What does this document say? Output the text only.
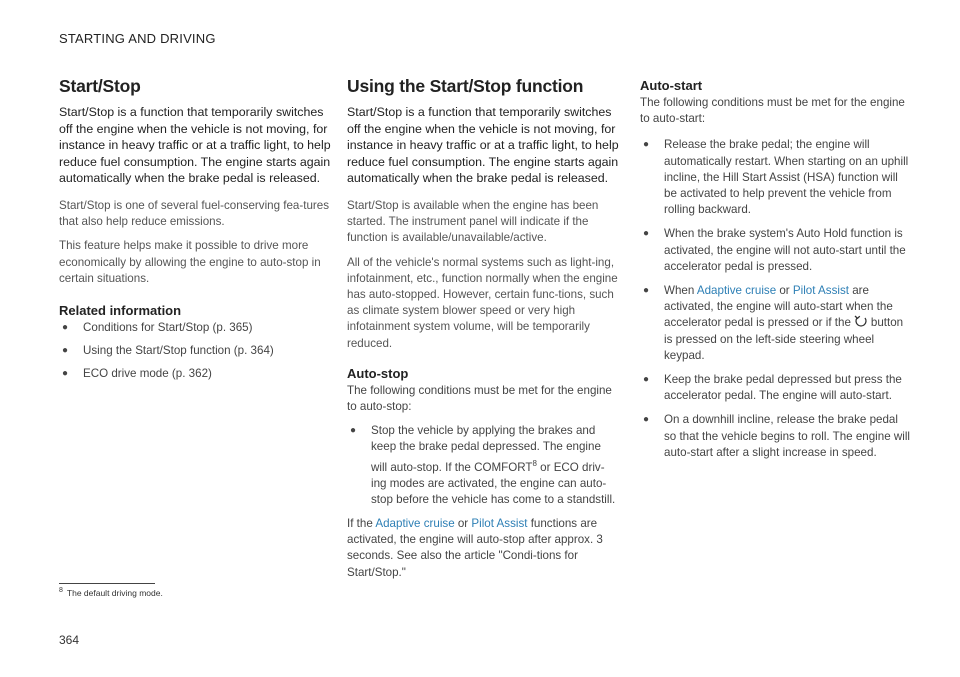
STARTING AND DRIVING
Start/Stop

Start/Stop is a function that temporarily switches off the engine when the vehicle is not moving, for instance in heavy traffic or at a traffic light, to help reduce fuel consumption. The engine starts again automatically when the brake pedal is released.

Start/Stop is one of several fuel-conserving fea-tures that also help reduce emissions.

This feature helps make it possible to drive more economically by allowing the engine to auto-stop in certain situations.

Related information
● Conditions for Start/Stop (p. 365)
● Using the Start/Stop function (p. 364)
● ECO drive mode (p. 362)
Using the Start/Stop function

Start/Stop is a function that temporarily switches off the engine when the vehicle is not moving, for instance in heavy traffic or at a traffic light, to help reduce fuel consumption. The engine starts again automatically when the brake pedal is released.

Start/Stop is available when the engine has been started. The instrument panel will indicate if the function is available/unavailable/active.

All of the vehicle's normal systems such as light-ing, infotainment, etc., function normally when the engine has auto-stopped. However, certain func-tions, such as climate system blower speed or very high infotainment system volume, will be temporarily reduced.

Auto-stop

The following conditions must be met for the engine to auto-stop:

● Stop the vehicle by applying the brakes and keep the brake pedal depressed. The engine will auto-stop. If the COMFORT$^8$ or ECO driv-ing modes are activated, the engine can auto-stop before the vehicle has come to a standstill.

If the Adaptive cruise or Pilot Assist functions are activated, the engine will auto-stop after approx. 3 seconds. See also the article "Condi-tions for Start/Stop."

Auto-start

The following conditions must be met for the engine to auto-start:

● Release the brake pedal; the engine will automatically restart. When starting on an uphill incline, the Hill Start Assist (HSA) function will be activated to help prevent the vehicle from rolling backward.
● When the brake system's Auto Hold function is activated, the engine will not auto-start until the accelerator pedal is pressed.
● When Adaptive cruise or Pilot Assist are activated, the engine will auto-start when the accelerator pedal is pressed or if the button is pressed on the left-side steering wheel keypad.
● Keep the brake pedal depressed but press the accelerator pedal. The engine will auto-start.
● On a downhill incline, release the brake pedal so that the vehicle begins to roll. The engine will auto-start after a slight increase in speed.
$^8$ The default driving mode.
364
